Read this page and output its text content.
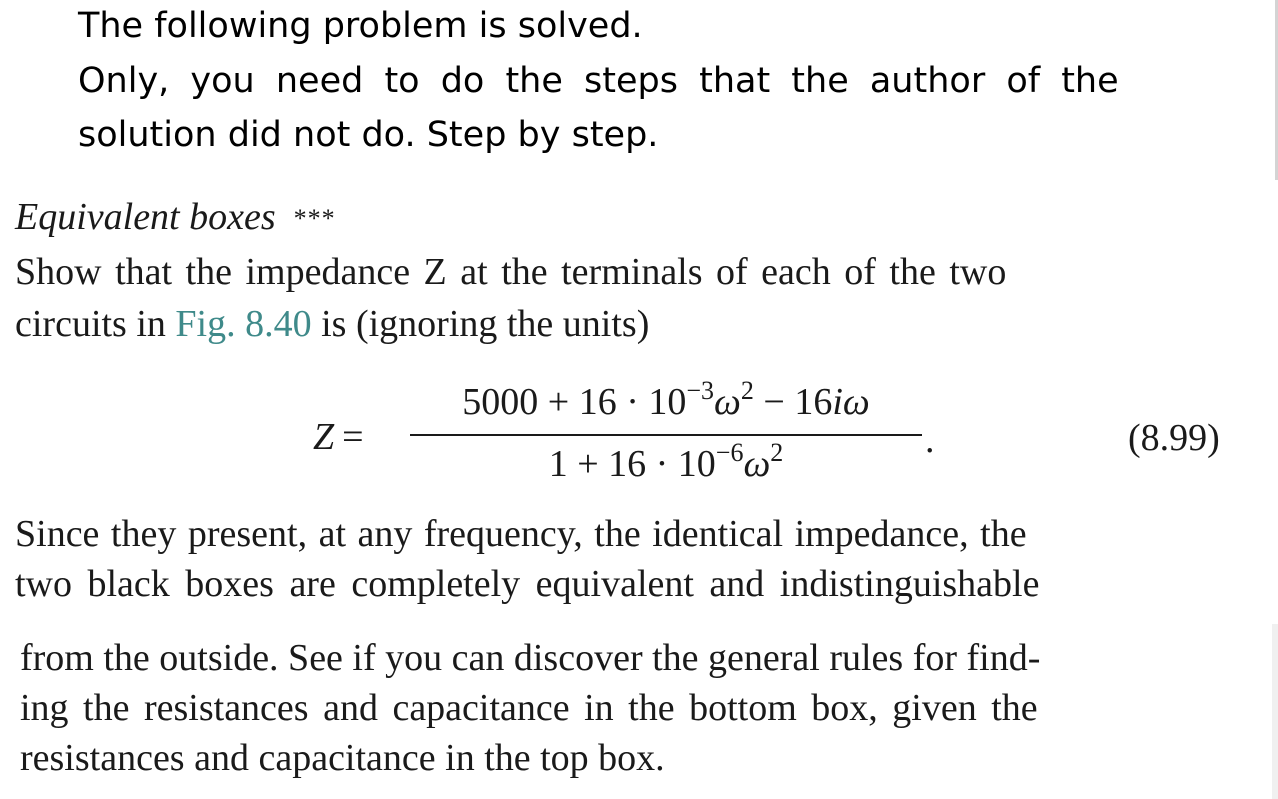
The following problem is solved.
Only, you need to do the steps that the author of the
solution did not do. Step by step.
Equivalent boxes ***
Show that the impedance Z at the terminals of each of the two
circuits in Fig. 8.40 is (ignoring the units)
Z =
$5000 + 16 \cdot 10^{-3}\omega^2 - 16i\omega$
$1 + 16 \cdot 10^{-6}\omega^2$	.	(8.99)
Since they present, at any frequency, the identical impedance, the
two black boxes are completely equivalent and indistinguishable
from the outside. See if you can discover the general rules for find-
ing the resistances and capacitance in the bottom box, given the
resistances and capacitance in the top box.
